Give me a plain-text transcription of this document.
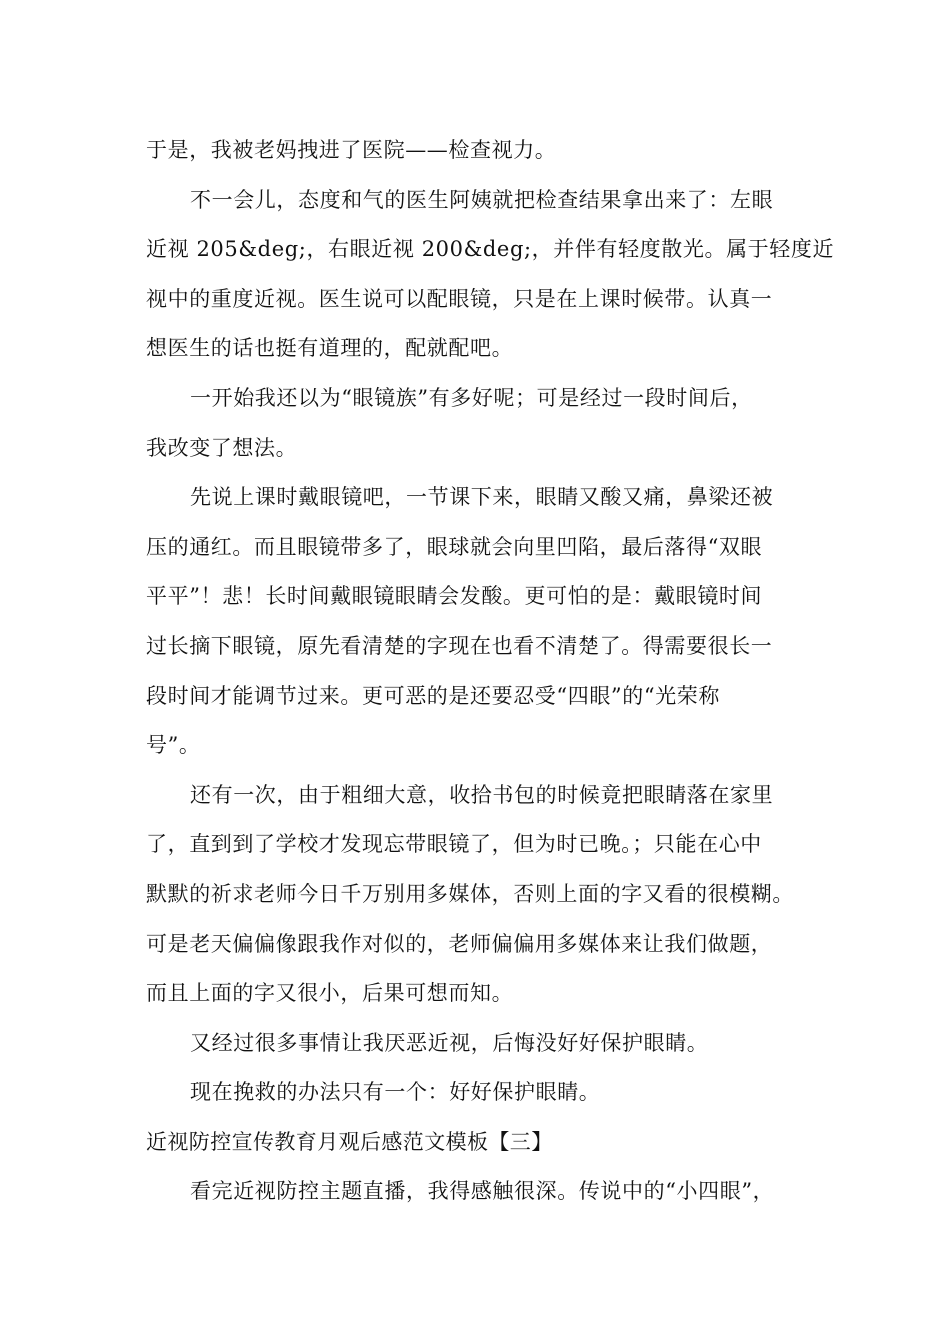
于是，我被老妈拽进了医院——检查视力。
不一会儿，态度和气的医生阿姨就把检查结果拿出来了：左眼
近视 205&deg;，右眼近视 200&deg;，并伴有轻度散光。属于轻度近
视中的重度近视。医生说可以配眼镜，只是在上课时候带。认真一
想医生的话也挺有道理的，配就配吧。
一开始我还以为“眼镜族”有多好呢；可是经过一段时间后，
我改变了想法。
先说上课时戴眼镜吧，一节课下来，眼睛又酸又痛，鼻梁还被
压的通红。而且眼镜带多了，眼球就会向里凹陷，最后落得“双眼
平平”！悲！长时间戴眼镜眼睛会发酸。更可怕的是：戴眼镜时间
过长摘下眼镜，原先看清楚的字现在也看不清楚了。得需要很长一
段时间才能调节过来。更可恶的是还要忍受“四眼”的“光荣称
号”。
还有一次，由于粗细大意，收拾书包的时候竟把眼睛落在家里
了，直到到了学校才发现忘带眼镜了，但为时已晚。；只能在心中
默默的祈求老师今日千万别用多媒体，否则上面的字又看的很模糊。
可是老天偏偏像跟我作对似的，老师偏偏用多媒体来让我们做题，
而且上面的字又很小，后果可想而知。
又经过很多事情让我厌恶近视，后悔没好好保护眼睛。
现在挽救的办法只有一个：好好保护眼睛。
近视防控宣传教育月观后感范文模板【三】
看完近视防控主题直播，我得感触很深。传说中的“小四眼”，
